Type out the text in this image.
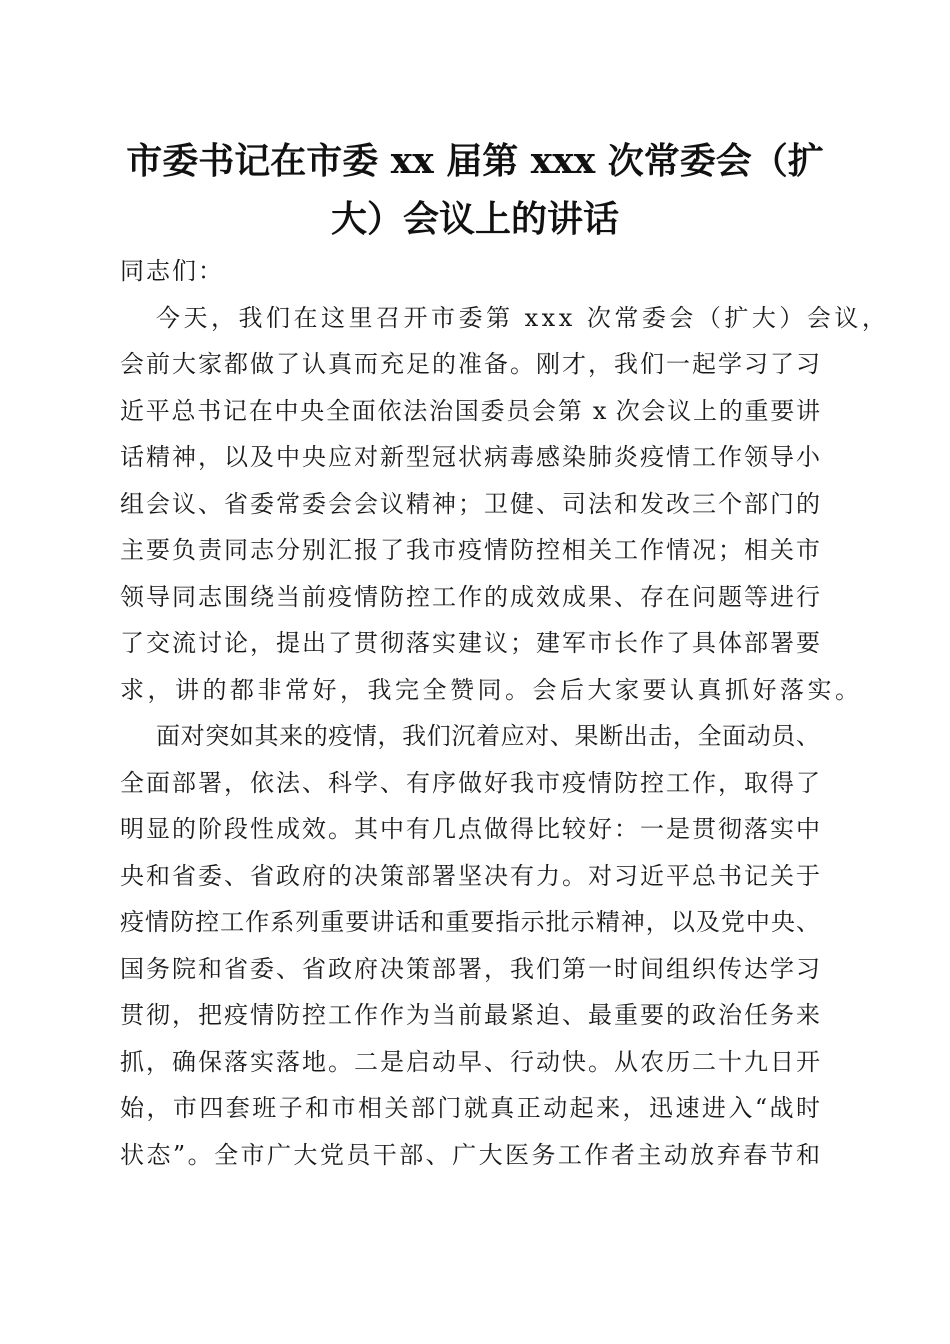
市委书记在市委 xx 届第 xxx 次常委会（扩
大）会议上的讲话
同志们：
今天，我们在这里召开市委第 xxx 次常委会（扩大）会议，
会前大家都做了认真而充足的准备。刚才，我们一起学习了习
近平总书记在中央全面依法治国委员会第 x 次会议上的重要讲
话精神，以及中央应对新型冠状病毒感染肺炎疫情工作领导小
组会议、省委常委会会议精神；卫健、司法和发改三个部门的
主要负责同志分别汇报了我市疫情防控相关工作情况；相关市
领导同志围绕当前疫情防控工作的成效成果、存在问题等进行
了交流讨论，提出了贯彻落实建议；建军市长作了具体部署要
求，讲的都非常好，我完全赞同。会后大家要认真抓好落实。
面对突如其来的疫情，我们沉着应对、果断出击，全面动员、
全面部署，依法、科学、有序做好我市疫情防控工作，取得了
明显的阶段性成效。其中有几点做得比较好：一是贯彻落实中
央和省委、省政府的决策部署坚决有力。对习近平总书记关于
疫情防控工作系列重要讲话和重要指示批示精神，以及党中央、
国务院和省委、省政府决策部署，我们第一时间组织传达学习
贯彻，把疫情防控工作作为当前最紧迫、最重要的政治任务来
抓，确保落实落地。二是启动早、行动快。从农历二十九日开
始，市四套班子和市相关部门就真正动起来，迅速进入“战时
状态”。全市广大党员干部、广大医务工作者主动放弃春节和
